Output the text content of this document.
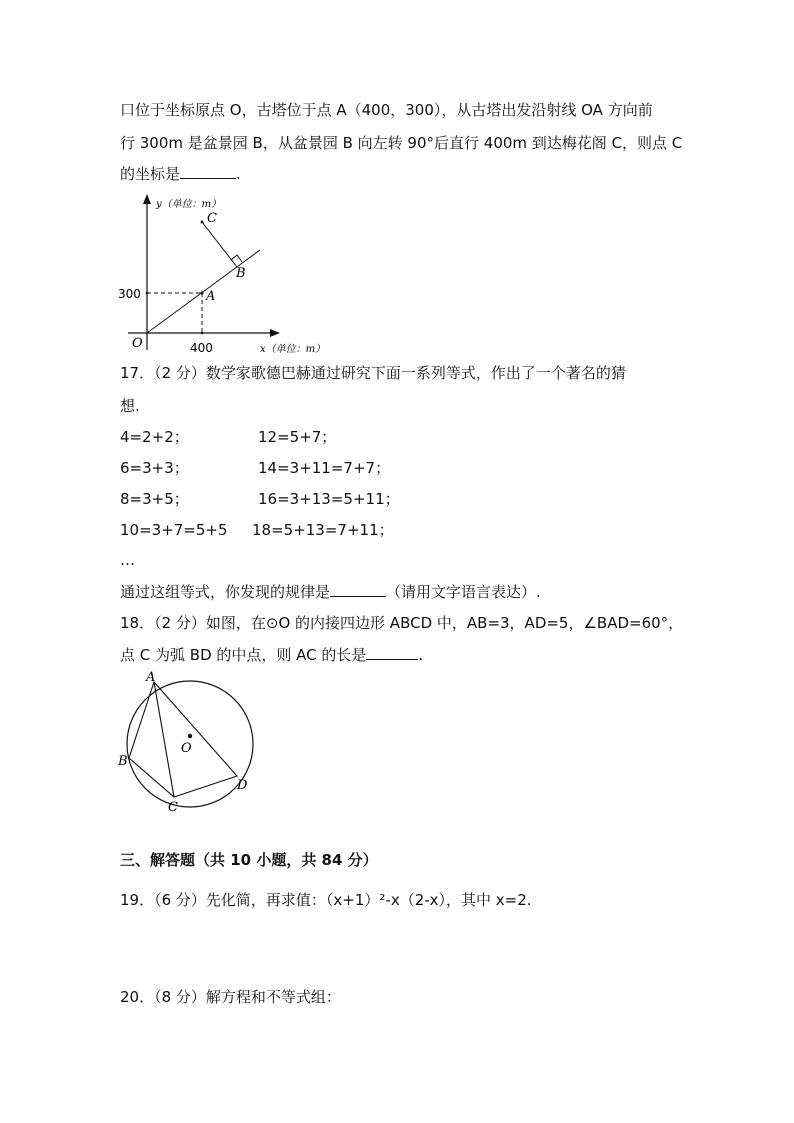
口位于坐标原点 O，古塔位于点 A（400，300），从古塔出发沿射线 OA 方向前
行 300m 是盆景园 B，从盆景园 B 向左转 90°后直行 400m 到达梅花阁 C，则点 C
的坐标是	.
y（单位：m）
x（单位：m）
O
A
B
C
400
300
17．（2 分）数学家歌德巴赫通过研究下面一系列等式，作出了一个著名的猜
想.
4=2+2；	12=5+7；
6=3+3；	14=3+11=7+7；
8=3+5；	16=3+13=5+11；
10=3+7=5+5 18=5+13=7+11；
…
通过这组等式，你发现的规律是	（请用文字语言表达）.
18．（2 分）如图，在⊙O 的内接四边形 ABCD 中，AB=3，AD=5，∠BAD=60°，
点 C 为弧 BD 的中点，则 AC 的长是	.
A
B
C
D
O
三、解答题（共 10 小题，共 84 分）
19．（6 分）先化简，再求值：（x+1）²-x（2-x），其中 x=2.
20．（8 分）解方程和不等式组：
